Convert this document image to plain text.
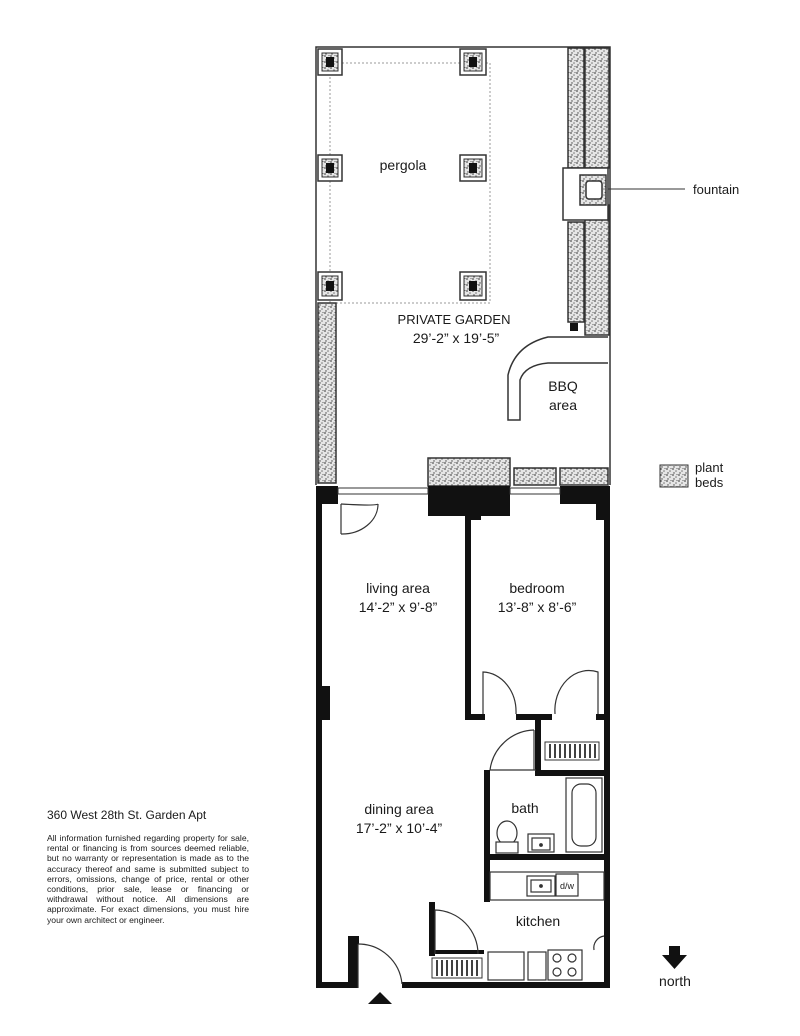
fountain
pergola
PRIVATE GARDEN
29’-2” x 19’-5”
BBQ
area
plant
beds
d/w
north
living area
14’-2” x 9’-8”
bedroom
13’-8” x 8’-6”
dining area
17’-2” x 10’-4”
bath
kitchen
360 West 28th St. Garden Apt
All information furnished regarding property for sale, rental or financing is from sources deemed reliable, but no warranty or representation is made as to the accuracy thereof and same is submitted subject to errors, omissions, change of price, rental or other conditions, prior sale, lease or financing or withdrawal without notice. All dimensions are approximate. For exact dimensions, you must hire your own architect or engineer.
